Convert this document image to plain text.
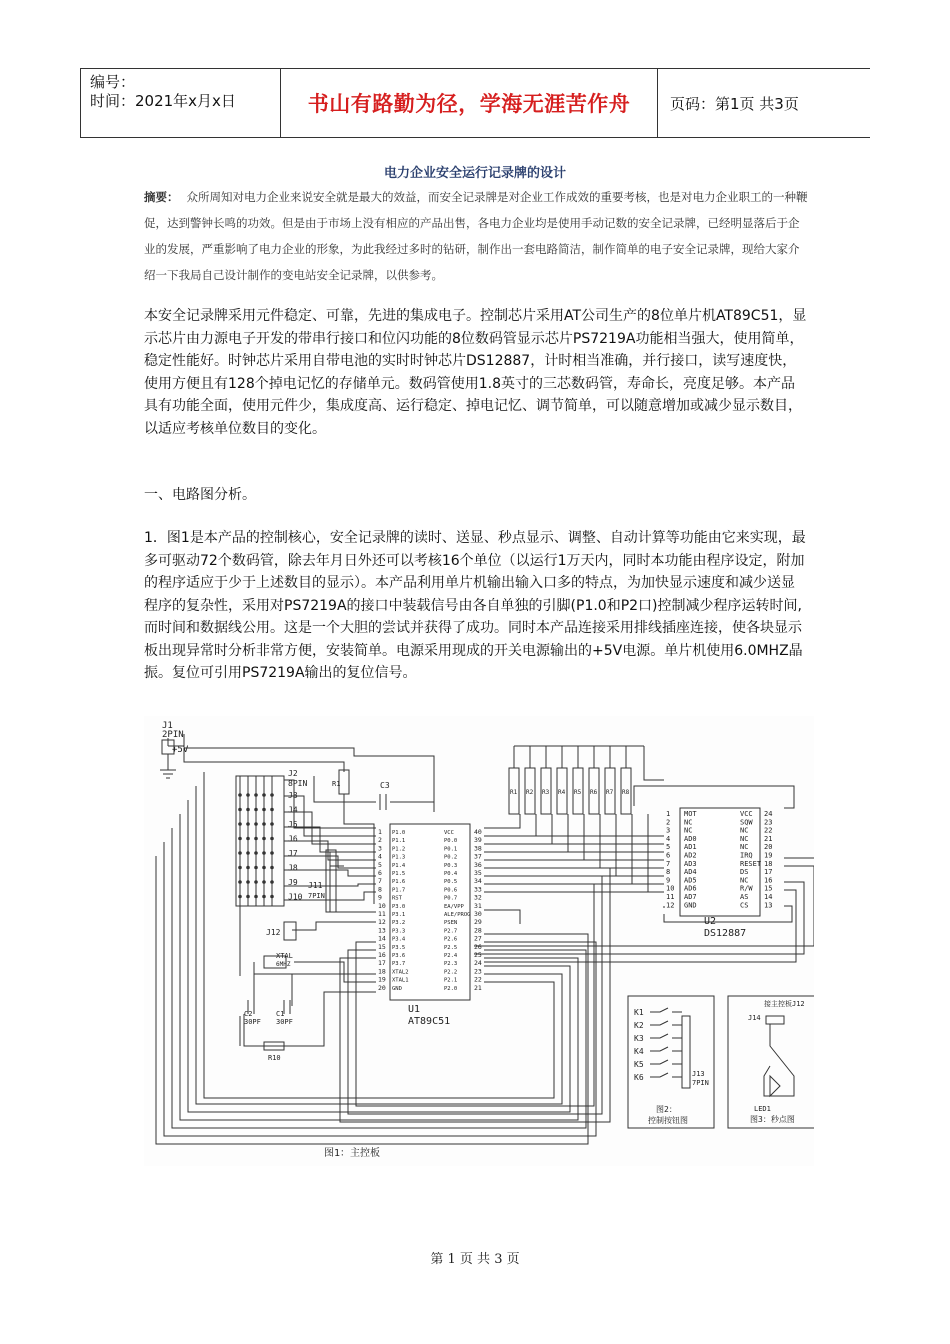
编号：
时间：2021年x月x日	书山有路勤为径，学海无涯苦作舟	页码：第1页 共3页
电力企业安全运行记录牌的设计
摘要： 众所周知对电力企业来说安全就是最大的效益，而安全记录牌是对企业工作成效的重要考核，也是对电力企业职工的一种鞭促，达到警钟长鸣的功效。但是由于市场上没有相应的产品出售，各电力企业均是使用手动记数的安全记录牌，已经明显落后于企业的发展，严重影响了电力企业的形象，为此我经过多时的钻研，制作出一套电路简洁，制作简单的电子安全记录牌，现给大家介绍一下我局自己设计制作的变电站安全记录牌，以供参考。
本安全记录牌采用元件稳定、可靠，先进的集成电子。控制芯片采用AT公司生产的8位单片机AT89C51，显示芯片由力源电子开发的带串行接口和位闪功能的8位数码管显示芯片PS7219A功能相当强大，使用简单，稳定性能好。时钟芯片采用自带电池的实时时钟芯片DS12887，计时相当准确，并行接口，读写速度快，使用方便且有128个掉电记忆的存储单元。数码管使用1.8英寸的三芯数码管，寿命长，亮度足够。本产品具有功能全面，使用元件少，集成度高、运行稳定、掉电记忆、调节简单，可以随意增加或减少显示数目，以适应考核单位数目的变化。
一、电路图分析。
1．图1是本产品的控制核心，安全记录牌的读时、送显、秒点显示、调整、自动计算等功能由它来实现，最多可驱动72个数码管，除去年月日外还可以考核16个单位（以运行1万天内，同时本功能由程序设定，附加的程序适应于少于上述数目的显示）。本产品利用单片机输出输入口多的特点，为加快显示速度和减少送显程序的复杂性，采用对PS7219A的接口中装载信号由各自单独的引脚(P1.0和P2口)控制减少程序运转时间,而时间和数据线公用。这是一个大胆的尝试并获得了成功。同时本产品连接采用排线插座连接，使各块显示板出现异常时分析非常方便，安装简单。电源采用现成的开关电源输出的+5V电源。单片机使用6.0MHZ晶振。复位可引用PS7219A输出的复位信号。
J1
2PIN
+5V
J2
8PIN
J3
J4
J5
J6
J7
J8
J9
J10
J11
7PIN
J12
R1	C3
R1 R2 R3 R4 R5 R6 R7 R8
1 P1.0
2 P1.1
3 P1.2
4 P1.3
5 P1.4
6 P1.5
7 P1.6
8 P1.7
9 RST
10 P3.0
11 P3.1
12 P3.2
13 P3.3
14 P3.4
15 P3.5
16 P3.6
17 P3.7
18 XTAL2
19 XTAL1
20 GND
VCC	40
P0.0	39
P0.1	38
P0.2	37
P0.3	36
P0.4	35
P0.5	34
P0.6	33
P0.7	32
EA/VPP 31
ALE/PROG 30
PSEN	29
P2.7	28
P2.6	27
P2.5	26
P2.4	25
P2.3	24
P2.2	23
P2.1	22
P2.0	21
U1
AT89C51
XTAL
6MHZ
C2
30PF
C1
30PF
R10
1 MOT
2 NC
3 NC
4 AD0
5 AD1
6 AD2
7 AD3
8 AD4
9 AD5
10 AD6
11 AD7
12 GND
VCC 24
SQW 23
NC 22
NC 21
NC 20
IRQ 19
RESET 18
DS 17
NC 16
R/W 15
AS 14
CS 13
U2
DS12887
K1
K2
K3
K4
K5
K6	J13
7PIN
图2：
控制按钮图
接主控板J12
J14
LED1
图3：秒点图
图1：主控板
第 1 页 共 3 页
